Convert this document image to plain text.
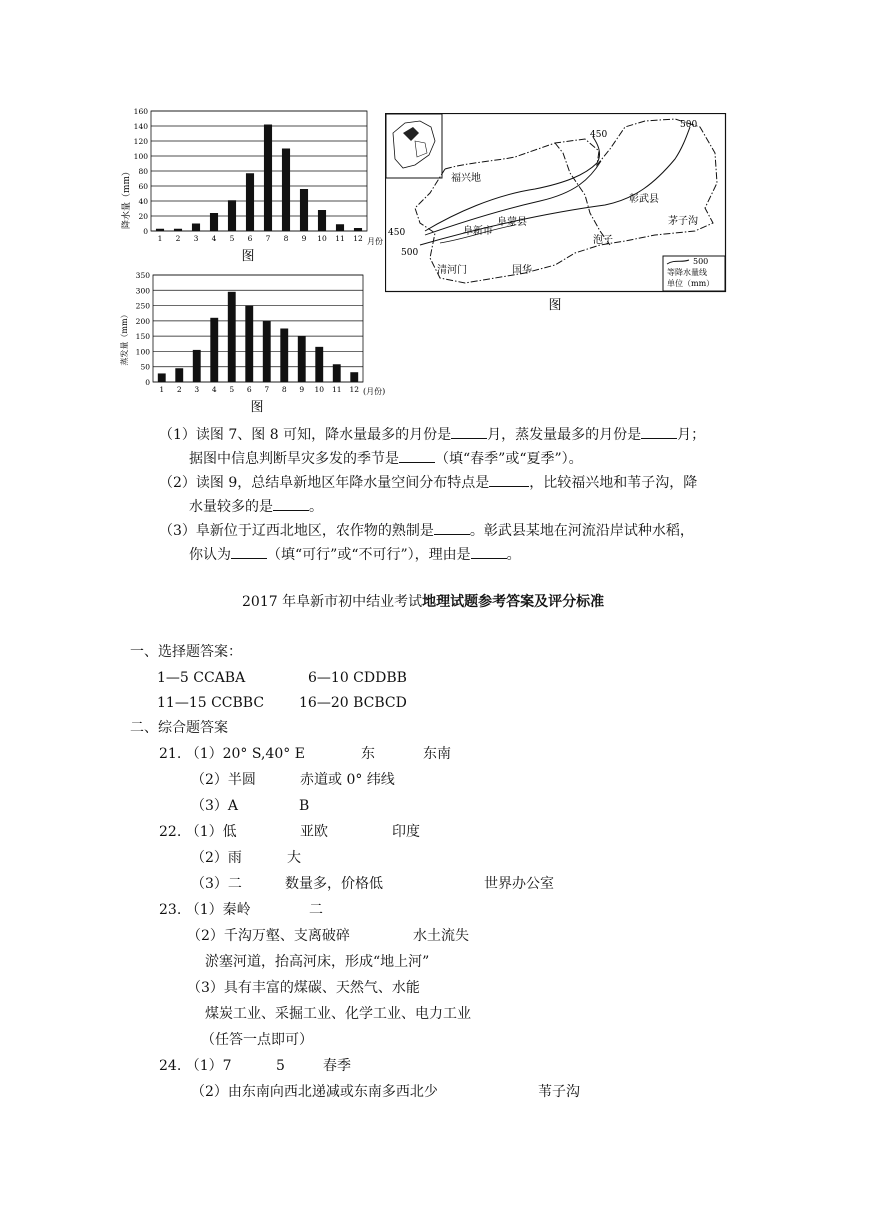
0
20
40
60
80
100
120
140
160
1 2 3 4 5 6 7 8 9 10 11 12
降水量（mm）
月份
图
0
50
100
150
200
250
300
350
1 2 3 4 5 6 7 8 9 10 11 12
蒸发量（mm）
(月份)
图
450
500
450
500
福兴地
彰武县
茅子沟
阜蒙县
阜新市
泡子
清河门	国华
500
等降水量线
单位（mm）
图
（1）读图 7、图 8 可知，降水量最多的月份是	月，蒸发量最多的月份是	月；
据图中信息判断旱灾多发的季节是	（填“春季”或“夏季”）。
（2）读图 9，总结阜新地区年降水量空间分布特点是	，比较福兴地和苇子沟，降
水量较多的是	。
（3）阜新位于辽西北地区，农作物的熟制是	。彰武县某地在河流沿岸试种水稻，
你认为	（填“可行”或“不可行”），理由是	。
2017 年阜新市初中结业考试地理试题参考答案及评分标准
一、选择题答案：
1—5 CCABA	6—10 CDDBB
11—15 CCBBC 16—20 BCBCD
二、综合题答案
21. （1）20° S,40° E	东	东南
（2）半圆	赤道或 0° 纬线
（3）A	B
22. （1）低	亚欧	印度
（2）雨	大
（3）二	数量多，价格低	世界办公室
23. （1）秦岭	二
（2）千沟万壑、支离破碎	水土流失
淤塞河道，抬高河床，形成“地上河”
（3）具有丰富的煤碳、天然气、水能
煤炭工业、采掘工业、化学工业、电力工业
（任答一点即可）
24. （1）7	5	春季
（2）由东南向西北递减或东南多西北少	苇子沟
